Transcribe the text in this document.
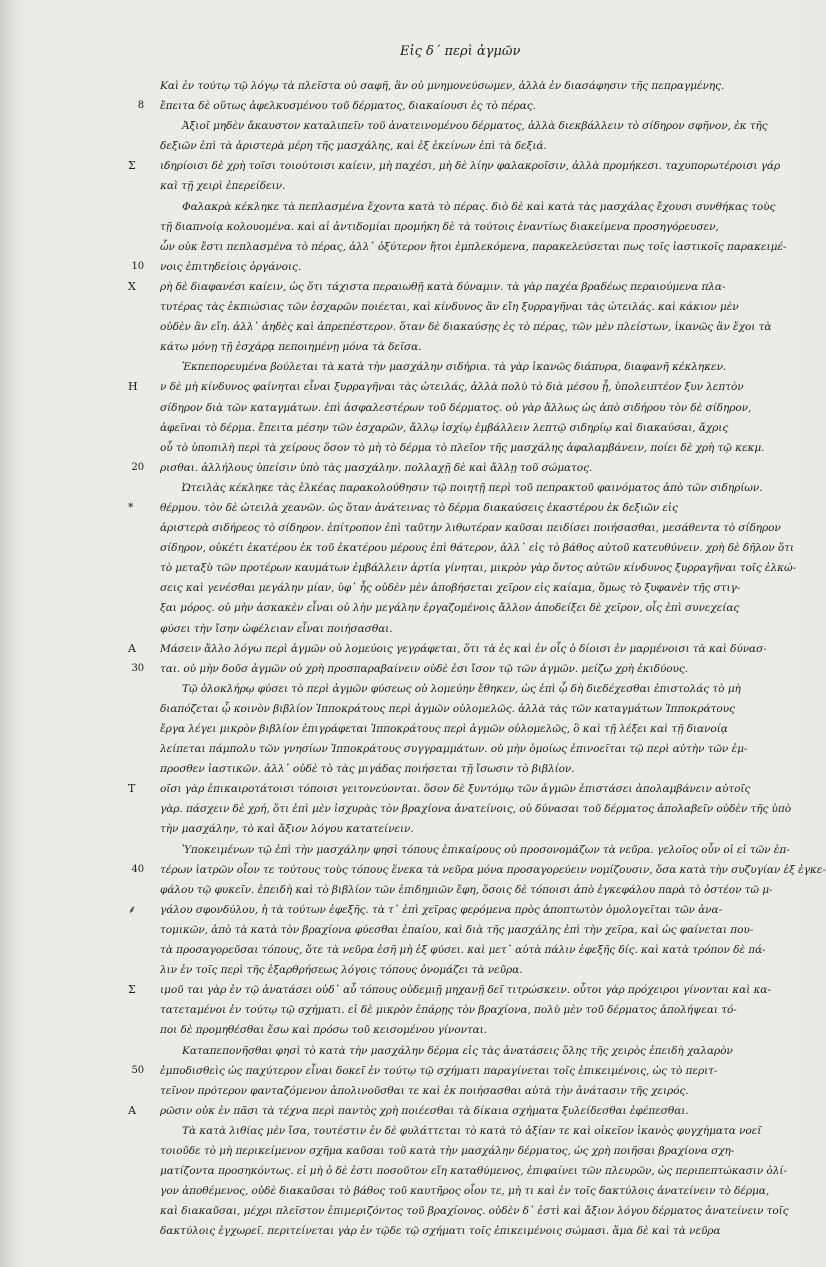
Εἰς δ΄ περὶ ἀγμῶν
Καὶ ἐν τούτῳ τῷ λόγῳ τὰ πλεῖστα οὐ σαφῆ, ἃν οὐ μνημονεύσωμεν, ἀλλὰ ἐν διασάφησιν τῆς πεπραγμένης.
8 ἔπειτα δὲ οὕτως ἀφελκυσμένου τοῦ δέρματος, διακαίουσι ἐς τὸ πέρας.
Ἀξιοῖ μηδὲν ἄκαυστον καταλιπεῖν τοῦ ἀνατεινομένου δέρματος, ἀλλὰ διεκβάλλειν τὸ σίδηρον σφῆνον, ἐκ τῆς
δεξιῶν ἐπὶ τὰ ἀριστερὰ μέρη τῆς μασχάλης, καὶ ἐξ ἐκείνων ἐπὶ τὰ δεξιά.
Σ	ιδηρίοισι δὲ χρὴ τοῖσι τοιούτοισι καίειν, μὴ παχέσι, μὴ δὲ λίην φαλακροῖσιν, ἀλλὰ προμήκεσι. ταχυπορωτέροισι γάρ
καὶ τῇ χειρὶ ἐπερείδειν.
Φαλακρὰ κέκληκε τὰ πεπλασμένα ἔχοντα κατὰ τὸ πέρας. διὸ δὲ καὶ κατὰ τὰς μασχάλας ἔχουσι συνθήκας τοὺς
τῇ διαπνοίᾳ κολουομένα. καὶ αἱ ἀντιδομίαι προμήκη δὲ τὰ τούτοις ἐναντίως διακείμενα προσηγόρευσεν,
ὧν οὐκ ἔστι πεπλασμένα τὸ πέρας, ἀλλ᾽ ὀξύτερον ἤτοι ἐμπλεκόμενα, παρακελεύσεται πως τοῖς ἰαστικοῖς παρακειμέ-
10 νοις ἐπιτηδείοις ὀργάνοις.
Χ	ρὴ δὲ διαφανέσι καίειν, ὡς ὅτι τάχιστα περαιωθῇ κατὰ δύναμιν. τὰ γὰρ παχέα βραδέως περαιούμενα πλα-
τυτέρας τὰς ἐκπιώσιας τῶν ἐσχαρῶν ποιέεται, καὶ κίνδυνος ἂν εἴη ξυρραγῆναι τὰς ὠτειλάς. καὶ κάκιον μὲν
οὐδὲν ἂν εἴη. ἀλλ᾽ ἀηδὲς καὶ ἀπρεπέστερον. ὅταν δὲ διακαύσῃς ἐς τὸ πέρας, τῶν μὲν πλείστων, ἱκανῶς ἂν ἔχοι τὰ
κάτω μόνῃ τῇ ἐσχάρᾳ πεποιημένῃ μόνα τὰ δεῖσα.
Ἐκπεπορευμένα βούλεται τὰ κατὰ τὴν μασχάλην σιδήρια. τὰ γὰρ ἱκανῶς διάπυρα, διαφανῆ κέκληκεν.
Η	ν δὲ μὴ κίνδυνος φαίνηται εἶναι ξυρραγῆναι τὰς ὠτειλάς, ἀλλὰ πολὺ τὸ διὰ μέσου ᾖ, ὑπολειπτέον ξυν λεπτὸν
σίδηρον διὰ τῶν καταγμάτων. ἐπὶ ἀσφαλεστέρων τοῦ δέρματος. οὐ γὰρ ἄλλως ὡς ἀπὸ σιδήρου τὸν δὲ σίδηρον,
ἀφεῖναι τὸ δέρμα. ἔπειτα μέσην τῶν ἐσχαρῶν, ἄλλῳ ἰσχίῳ ἐμβάλλειν λεπτῷ σιδηρίῳ καὶ διακαύσαι, ἄχρις
οὗ τὸ ὑποπιλὴ περὶ τὰ χείρους ὅσον τὸ μὴ τὸ δέρμα τὸ πλεῖον τῆς μασχάλης ἀφαλαμβάνειν, ποίει δὲ χρὴ τῷ κεκμ.
20 ρισθαι. ἀλλήλους ὑπείσιν ὑπὸ τὰς μασχάλην. πολλαχῇ δὲ καὶ ἄλλῃ τοῦ σώματος.
Ὠτειλὰς κέκληκε τὰς ἑλκέας παρακολούθησιν τῷ ποιητῇ περὶ τοῦ πεπρακτοῦ φαινόματος ἀπὸ τῶν σιδηρίων.
*	θέρμου. τὸν δὲ ὠτειλὰ χεανῶν. ὡς ὅταν ἀνάτεινας τὸ δέρμα διακαύσεις ἐκαστέρου ἐκ δεξιῶν εἰς
ἀριστερὰ σιδήρεος τὸ σίδηρον. ἐπίτροπον ἐπὶ ταῦτην λιθωτέραν καῦσαι πειδίσει ποιήσασθαι, μεσάθεντα τὸ σίδηρον
σίδηρον, οὐκέτι ἐκατέρου ἐκ τοῦ ἐκατέρου μέρους ἐπὶ θάτερον, ἀλλ᾽ εἰς τὸ βάθος αὐτοῦ κατευθύνειν. χρὴ δὲ δῆλον ὅτι
τὸ μεταξὺ τῶν προτέρων καυμάτων ἐμβάλλειν ἀρτία γίνηται, μικρὸν γὰρ ὄντος αὐτῶν κίνδυνος ξυρραγῆναι τοῖς ἐλκώ-
σεις καὶ γενέσθαι μεγάλην μίαν, ὑφ᾽ ἧς οὐδὲν μὲν ἀποβήσεται χεῖρον εἰς καίαμα, ὅμως τὸ ξυφανὲν τῆς στιγ-
ξαι μόρος. οὐ μὴν ἀσκακὲν εἶναι οὐ λὴν μεγάλην ἐργαζομένοις ἄλλον ἀποδείξει δὲ χεῖρον, οἷς ἐπὶ συνεχείας
φύσει τὴν ἴσην ὠφέλειαν εἶναι ποιήσασθαι.
Α	Μάσειν ἄλλο λόγω περὶ ἀγμῶν οὐ λομεύοις γεγράφεται, ὅτι τὰ ἐς καὶ ἐν οἷς ὁ δίοισι ἐν μαρμένοισι τὰ καὶ δύνασ-
30 ται. οὐ μὴν δοῦσ ἀγμῶν οὐ χρὴ προσπαραβαίνειν οὐδὲ ἐσι ἴσον τῷ τῶν ἀγμῶν. μείζω χρὴ ἐκιδύους.
Τῷ ὁλοκλήρῳ φύσει τὸ περὶ ἀγμῶν φύσεως οὐ λομεύην ἔθηκεν, ὡς ἐπὶ ᾧ δὴ διεδέχεσθαι ἐπιστολάς τὸ μὴ
διαπόζεται ᾧ κοινὸν βιβλίον Ἱπποκράτους περὶ ἀγμῶν οὐλομελῶς. ἀλλὰ τὰς τῶν καταγμάτων Ἱπποκράτους
ἔργα λέγει μικρὸν βιβλίον ἐπιγράφεται Ἱπποκράτους περὶ ἀγμῶν οὐλομελῶς, ὃ καὶ τῇ λέξει καὶ τῇ διανοίᾳ
λείπεται πάμπολυ τῶν γνησίων Ἱπποκράτους συγγραμμάτων. οὐ μὴν ὁμοίως ἐπινοεῖται τῷ περὶ αὐτὴν τῶν ἐμ-
προσθεν ἰαστικῶν. ἀλλ᾽ οὐδὲ τὸ τὰς μιγάδας ποιήσεται τῇ ἴσωσιν τὸ βιβλίον.
Τ	οῖσι γὰρ ἐπικαιροτάτοισι τόποισι γειτονεύονται. ὅσον δὲ ξυντόμῳ τῶν ἀγμῶν ἐπιστάσει ἀπολαμβάνειν αὐτοῖς
γὰρ. πάσχειν δὲ χρή, ὅτι ἐπὶ μὲν ἰσχυρὰς τὸν βραχίονα ἀνατείνοις, οὐ δύνασαι τοῦ δέρματος ἀπολαβεῖν οὐδὲν τῆς ὑπὸ
τὴν μασχάλην, τὸ καὶ ἄξιον λόγου κατατείνειν.
Ὑποκειμένων τῷ ἐπὶ τὴν μασχάλην φησὶ τόπους ἐπικαίρους οὐ προσονομάζων τὰ νεῦρα. γελοῖος οὖν οἱ εἰ τῶν ἐπ-
40 τέρων ἰατρῶν οἷον τε τούτους τοὺς τόπους ἕνεκα τὰ νεῦρα μόνα προσαγορεύειν νομίζουσιν, ὅσα κατὰ τὴν συζυγίαν ἐξ ἐγκε-
φάλου τῷ φυκεῖν. ἐπειδὴ καὶ τὸ βιβλίον τῶν ἐπιδημιῶν ἔφη, ὅσοις δὲ τόποισι ἀπὸ ἐγκεφάλου παρὰ τὸ ὀστέον τῶ μ-
⸙	γάλου σφονδύλου, ἡ τὰ τούτων ἐφεξῆς. τὰ τ᾽ ἐπὶ χεῖρας φερόμενα πρὸς ἀποπτωτὸν ὁμολογεῖται τῶν ἀνα-
τομικῶν, ἀπὸ τὰ κατὰ τὸν βραχίονα φύεσθαι ἐπαίου, καὶ διὰ τῆς μασχάλης ἐπὶ τὴν χεῖρα, καὶ ὡς φαίνεται που-
τὰ προσαγορεῦσαι τόπους, ὅτε τὰ νεῦρα ἐσῆ μὴ ἐξ φύσει. καὶ μετ᾽ αὐτὰ πάλιν ἐφεξῆς δίς. καὶ κατὰ τρόπον δὲ πά-
λιν ἐν τοῖς περὶ τῆς ἐξαρθρήσεως λόγοις τόπους ὀνομάζει τὰ νεῦρα.
Σ	ιμοῦ ται γὰρ ἐν τῷ ἀνατάσει οὐδ᾽ αὖ τόπους οὐδεμιῇ μηχανῇ δεῖ τιτρώσκειν. οὗτοι γὰρ πρόχειροι γίνονται καὶ κα-
τατεταμένοι ἐν τούτῳ τῷ σχήματι. εἰ δὲ μικρὸν ἐπάρῃς τὸν βραχίονα, πολὺ μὲν τοῦ δέρματος ἀπολήψεαι τό-
ποι δὲ προμηθέσθαι ἔσω καὶ πρόσω τοῦ κεισομένου γίνονται.
Καταπεπονῆσθαι φησὶ τὸ κατὰ τὴν μασχάλην δέρμα εἰς τὰς ἀνατάσεις ὅλης τῆς χειρὸς ἐπειδὴ χαλαρὸν
50 ἐμποδισθεὶς ὡς παχύτερον εἶναι δοκεῖ ἐν τούτῳ τῷ σχήματι παραγίνεται τοῖς ἐπικειμένοις, ὡς τὸ περιτ-
τεῖνον πρότερον φανταζόμενον ἀπολινοῦσθαι τε καὶ ἐκ ποιήσασθαι αὐτὰ τὴν ἀνάτασιν τῆς χειρός.
Α	ρῶσιν οὐκ ἐν πᾶσι τὰ τέχνα περὶ παντὸς χρὴ ποιέεσθαι τὰ δίκαια σχήματα ξυλείδεσθαι ἐφέπεσθαι.
Τὰ κατὰ λιθίας μὲν ἴσα, τουτέστιν ἐν δὲ φυλάττεται τὸ κατὰ τὸ ἀξίαν τε καὶ οἰκεῖον ἰκανὸς φυγχήματα νοεῖ
τοιοῦδε τὸ μὴ περικείμενον σχῆμα καῦσαι τοῦ κατὰ τὴν μασχάλην δέρματος, ὡς χρὴ ποιῆσαι βραχίονα σχη-
ματίζοντα προσηκόντως. εἰ μὴ ὁ δὲ ἐστι ποσοῦτον εἴη καταθύμενος, ἐπιφαίνει τῶν πλευρῶν, ὡς περιπεπτώκασιν ὀλί-
γον ἀποθέμενος, οὐδὲ διακαῦσαι τὸ βάθος τοῦ καυτῆρος οἷον τε, μὴ τι καὶ ἐν τοῖς δακτύλοις ἀνατείνειν τὸ δέρμα,
καὶ διακαῦσαι, μέχρι πλεῖστον ἐπιμεριζόντος τοῦ βραχίονος. οὐδὲν δ᾽ ἐστὶ καὶ ἄξιον λόγου δέρματος ἀνατείνειν τοῖς
δακτύλοις ἐγχωρεῖ. περιτείνεται γὰρ ἐν τῷδε τῷ σχήματι τοῖς ἐπικειμένοις σώμασι. ἅμα δὲ καὶ τὰ νεῦρα
